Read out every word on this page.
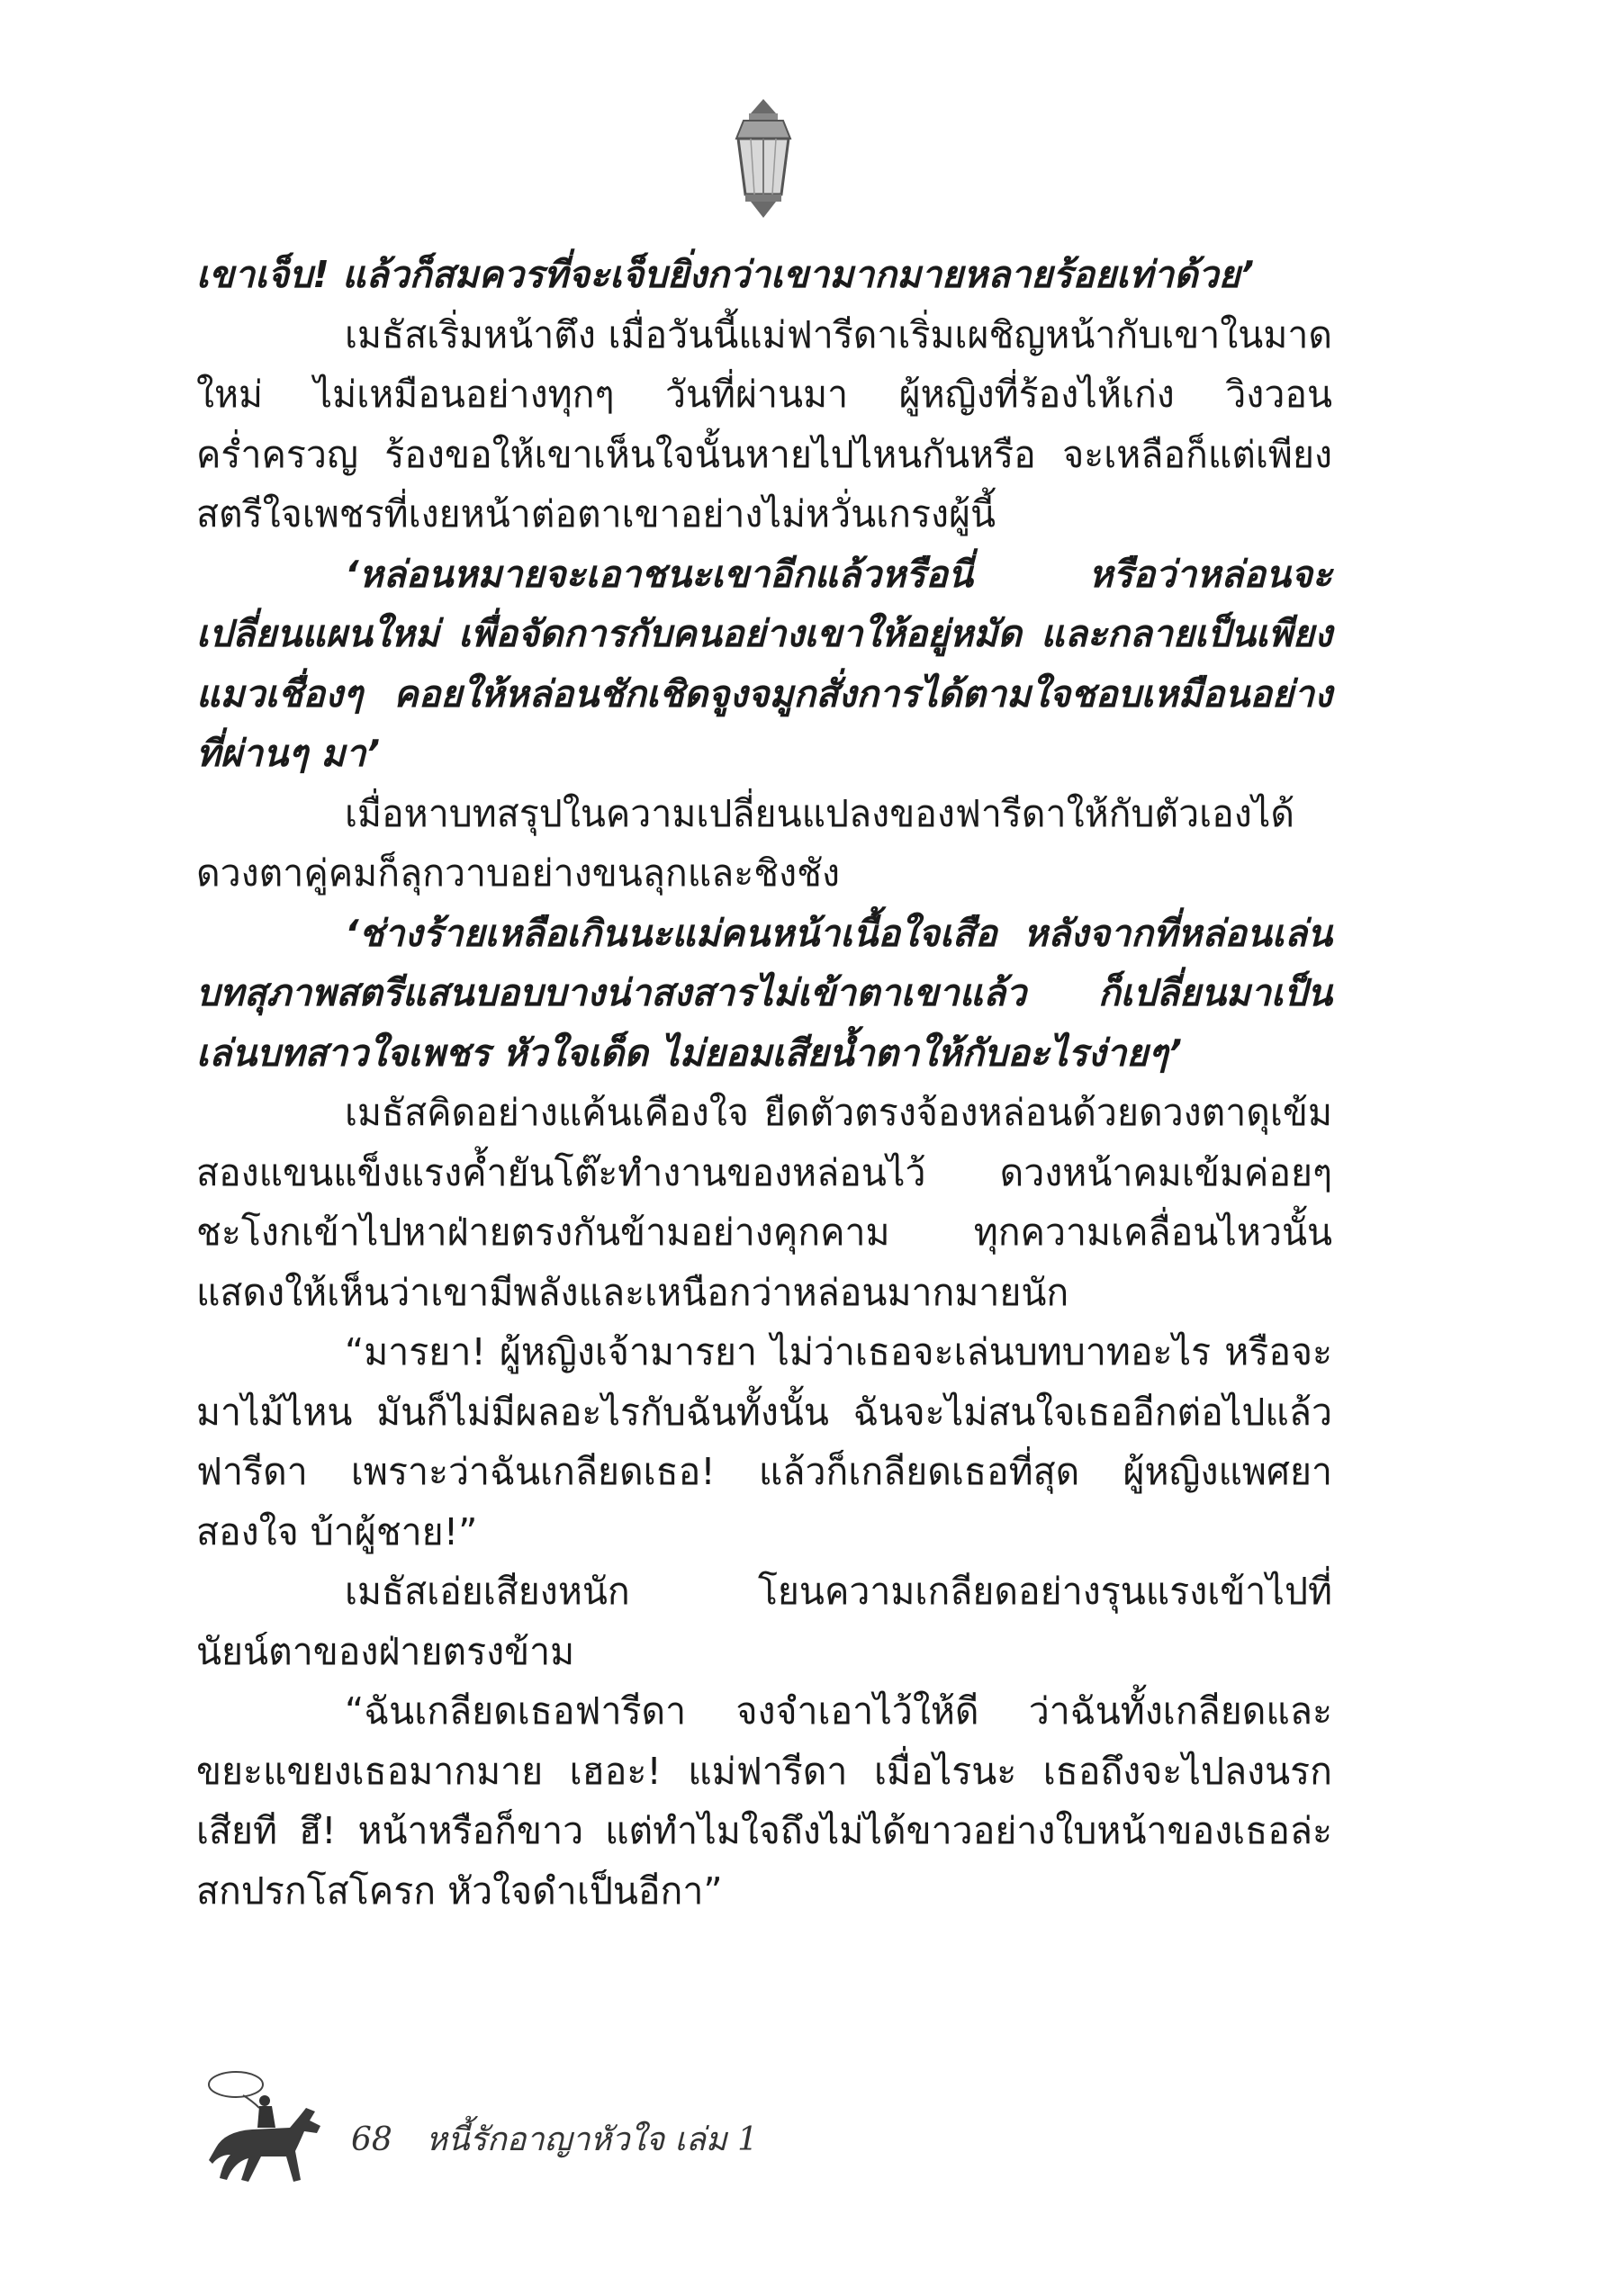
เขาเจ็บ! แล้วก็สมควรที่จะเจ็บยิ่งกว่าเขามากมายหลายร้อยเท่าด้วย’

เมธัสเริ่มหน้าตึง เมื่อวันนี้แม่ฟารีดาเริ่มเผชิญหน้ากับเขาในมาดใหม่ ไม่เหมือนอย่างทุกๆ วันที่ผ่านมา ผู้หญิงที่ร้องไห้เก่ง วิงวอนคร่ำครวญ ร้องขอให้เขาเห็นใจนั้นหายไปไหนกันหรือ จะเหลือก็แต่เพียงสตรีใจเพชรที่เงยหน้าต่อตาเขาอย่างไม่หวั่นเกรงผู้นี้

‘หล่อนหมายจะเอาชนะเขาอีกแล้วหรือนี่ หรือว่าหล่อนจะเปลี่ยนแผนใหม่ เพื่อจัดการกับคนอย่างเขาให้อยู่หมัด และกลายเป็นเพียงแมวเชื่องๆ คอยให้หล่อนชักเชิดจูงจมูกสั่งการได้ตามใจชอบเหมือนอย่างที่ผ่านๆ มา’

เมื่อหาบทสรุปในความเปลี่ยนแปลงของฟารีดาให้กับตัวเองได้ ดวงตาคู่คมก็ลุกวาบอย่างขนลุกและชิงชัง

‘ช่างร้ายเหลือเกินนะแม่คนหน้าเนื้อใจเสือ หลังจากที่หล่อนเล่นบทสุภาพสตรีแสนบอบบางน่าสงสารไม่เข้าตาเขาแล้ว ก็เปลี่ยนมาเป็นเล่นบทสาวใจเพชร หัวใจเด็ด ไม่ยอมเสียน้ำตาให้กับอะไรง่ายๆ’

เมธัสคิดอย่างแค้นเคืองใจ ยืดตัวตรงจ้องหล่อนด้วยดวงตาดุเข้ม สองแขนแข็งแรงค้ำยันโต๊ะทำงานของหล่อนไว้ ดวงหน้าคมเข้มค่อยๆ ชะโงกเข้าไปหาฝ่ายตรงกันข้ามอย่างคุกคาม ทุกความเคลื่อนไหวนั้นแสดงให้เห็นว่าเขามีพลังและเหนือกว่าหล่อนมากมายนัก

“มารยา! ผู้หญิงเจ้ามารยา ไม่ว่าเธอจะเล่นบทบาทอะไร หรือจะมาไม้ไหน มันก็ไม่มีผลอะไรกับฉันทั้งนั้น ฉันจะไม่สนใจเธออีกต่อไปแล้วฟารีดา เพราะว่าฉันเกลียดเธอ! แล้วก็เกลียดเธอที่สุด ผู้หญิงแพศยาสองใจ บ้าผู้ชาย!”

เมธัสเอ่ยเสียงหนัก โยนความเกลียดอย่างรุนแรงเข้าไปที่นัยน์ตาของฝ่ายตรงข้าม

“ฉันเกลียดเธอฟารีดา จงจำเอาไว้ให้ดี ว่าฉันทั้งเกลียดและขยะแขยงเธอมากมาย เฮอะ! แม่ฟารีดา เมื่อไรนะ เธอถึงจะไปลงนรกเสียที ฮึ! หน้าหรือก็ขาว แต่ทำไมใจถึงไม่ได้ขาวอย่างใบหน้าของเธอล่ะสกปรกโสโครก หัวใจดำเป็นอีกา”

68 หนี้รักอาญาหัวใจ เล่ม 1
